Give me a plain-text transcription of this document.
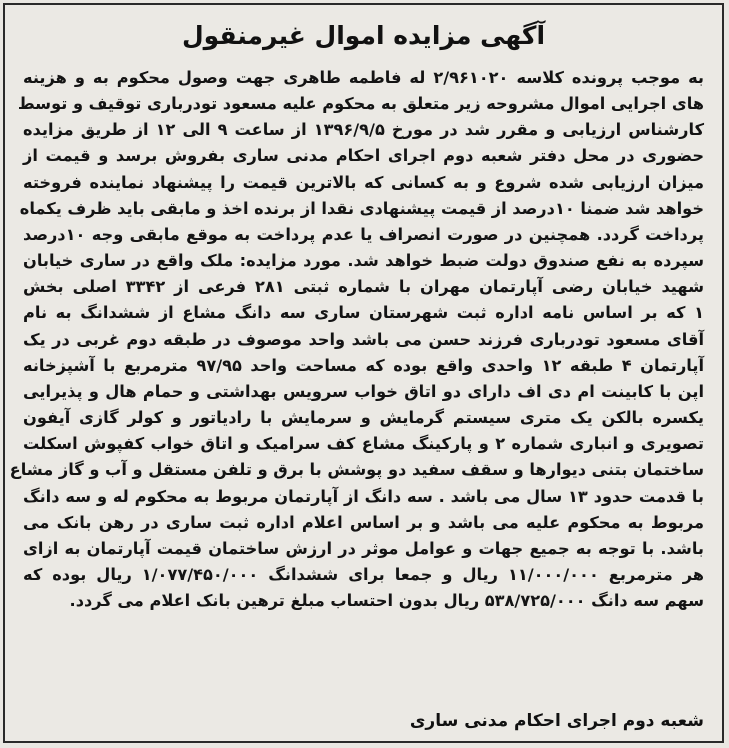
آگهی مزایده اموال غیرمنقول
به موجب پرونده کلاسه ۲/۹۶۱۰۲۰ له فاطمه طاهری جهت وصول محکوم به و هزینه
های اجرایی اموال مشروحه زیر متعلق به محکوم علیه مسعود تودرباری توقیف و توسط
کارشناس ارزیابی و مقرر شد در مورخ ۱۳۹۶/۹/۵ از ساعت ۹ الی ۱۲ از طریق مزایده
حضوری در محل دفتر شعبه دوم اجرای احکام مدنی ساری بفروش برسد و قیمت از
میزان ارزیابی شده شروع و به کسانی که بالاترین قیمت را پیشنهاد نماینده فروخته
خواهد شد ضمنا ۱۰درصد از قیمت پیشنهادی نقدا از برنده اخذ و مابقی باید ظرف یکماه
پرداخت گردد. همچنین در صورت انصراف یا عدم پرداخت به موقع مابقی وجه ۱۰درصد
سپرده به نفع صندوق دولت ضبط خواهد شد. مورد مزایده: ملک واقع در ساری خیابان
شهید خیابان رضی آپارتمان مهران با شماره ثبتی ۲۸۱ فرعی از ۳۳۴۲ اصلی بخش
۱ که بر اساس نامه اداره ثبت شهرستان ساری سه دانگ مشاع از ششدانگ به نام
آقای مسعود تودرباری فرزند حسن می باشد واحد موصوف در طبقه دوم غربی در یک
آپارتمان ۴ طبقه ۱۲ واحدی واقع بوده که مساحت واحد ۹۷/۹۵ مترمربع با آشپزخانه
اپن با کابینت ام دی اف دارای دو اتاق خواب سرویس بهداشتی و حمام هال و پذیرایی
یکسره بالکن یک متری سیستم گرمایش و سرمایش با رادیاتور و کولر گازی آیفون
تصویری و انباری شماره ۲ و پارکینگ مشاع کف سرامیک و اتاق خواب کفپوش اسکلت
ساختمان بتنی دیوارها و سقف سفید دو پوشش با برق و تلفن مستقل و آب و گاز مشاع
با قدمت حدود ۱۳ سال می باشد . سه دانگ از آپارتمان مربوط به محکوم له و سه دانگ
مربوط به محکوم علیه می باشد و بر اساس اعلام اداره ثبت ساری در رهن بانک می
باشد. با توجه به جمیع جهات و عوامل موثر در ارزش ساختمان قیمت آپارتمان به ازای
هر مترمربع ۱۱/۰۰۰/۰۰۰ ریال و جمعا برای ششدانگ ۱/۰۷۷/۴۵۰/۰۰۰ ریال بوده که
سهم سه دانگ ۵۳۸/۷۲۵/۰۰۰ ریال بدون احتساب مبلغ ترهین بانک اعلام می گردد.
شعبه دوم اجرای احکام مدنی ساری
